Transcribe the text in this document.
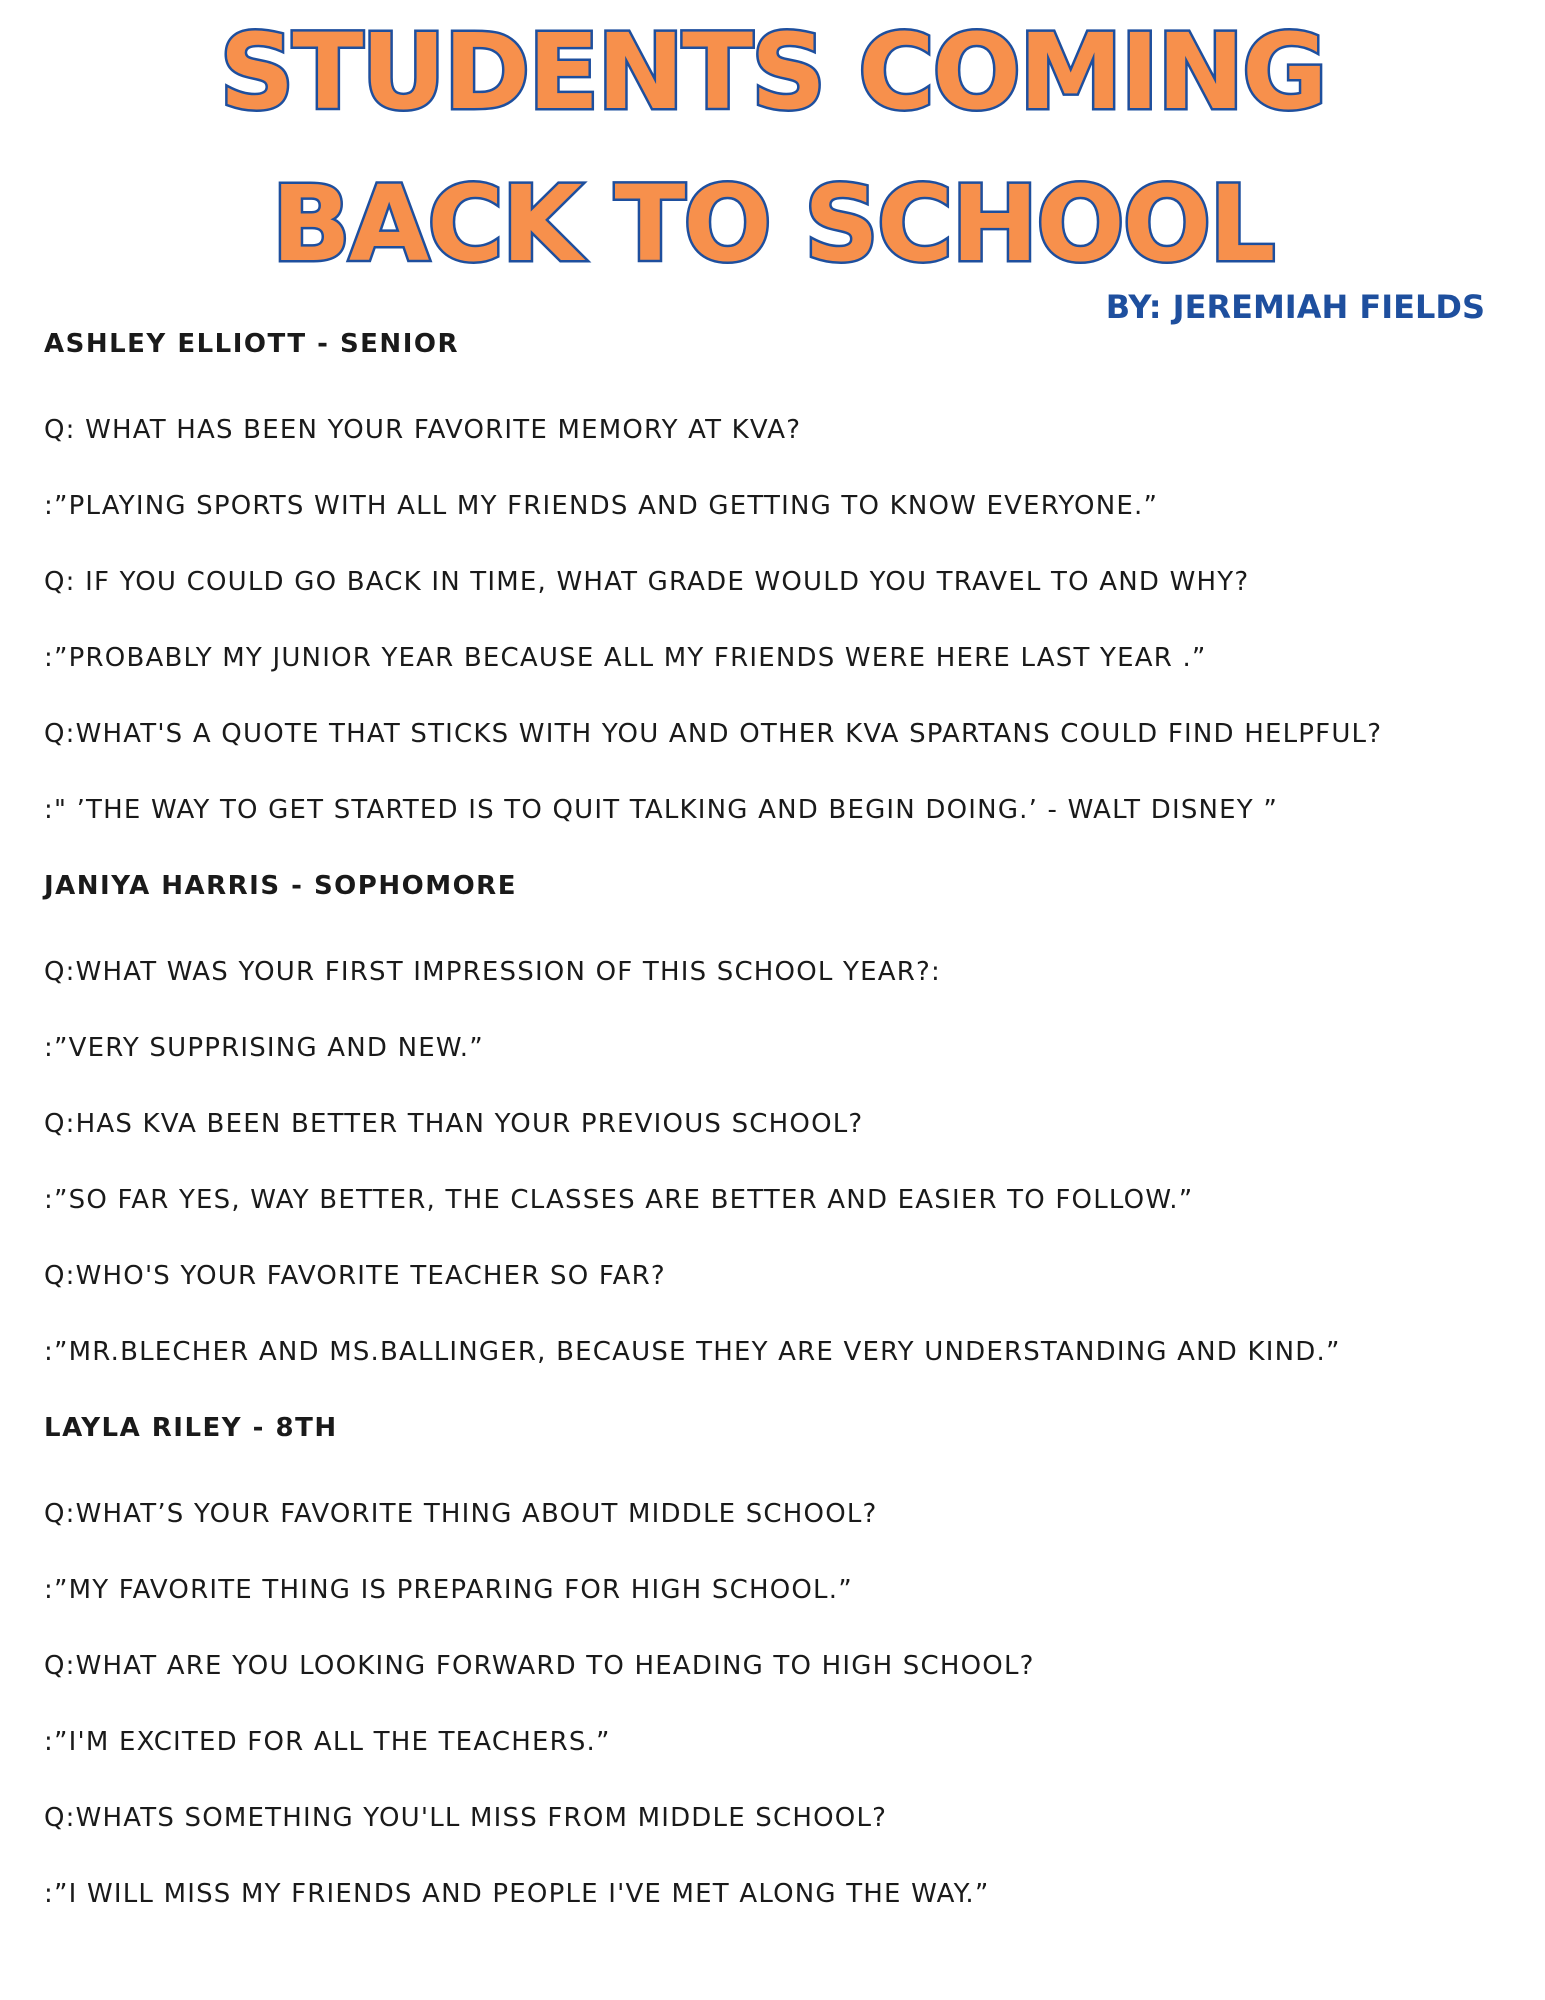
STUDENTS COMING
BACK TO SCHOOL
BY: JEREMIAH FIELDS

ASHLEY ELLIOTT - SENIOR

Q: WHAT HAS BEEN YOUR FAVORITE MEMORY AT KVA?

:”PLAYING SPORTS WITH ALL MY FRIENDS AND GETTING TO KNOW EVERYONE.”

Q: IF YOU COULD GO BACK IN TIME, WHAT GRADE WOULD YOU TRAVEL TO AND WHY?

:”PROBABLY MY JUNIOR YEAR BECAUSE ALL MY FRIENDS WERE HERE LAST YEAR .”

Q:WHAT'S A QUOTE THAT STICKS WITH YOU AND OTHER KVA SPARTANS COULD FIND HELPFUL?

:" ’THE WAY TO GET STARTED IS TO QUIT TALKING AND BEGIN DOING.’ - WALT DISNEY ”

JANIYA HARRIS - SOPHOMORE

Q:WHAT WAS YOUR FIRST IMPRESSION OF THIS SCHOOL YEAR?:

:”VERY SUPPRISING AND NEW.”

Q:HAS KVA BEEN BETTER THAN YOUR PREVIOUS SCHOOL?

:”SO FAR YES, WAY BETTER, THE CLASSES ARE BETTER AND EASIER TO FOLLOW.”

Q:WHO'S YOUR FAVORITE TEACHER SO FAR?

:”MR.BLECHER AND MS.BALLINGER, BECAUSE THEY ARE VERY UNDERSTANDING AND KIND.”

LAYLA RILEY - 8TH

Q:WHAT’S YOUR FAVORITE THING ABOUT MIDDLE SCHOOL?

:”MY FAVORITE THING IS PREPARING FOR HIGH SCHOOL.”

Q:WHAT ARE YOU LOOKING FORWARD TO HEADING TO HIGH SCHOOL?

:”I'M EXCITED FOR ALL THE TEACHERS.”

Q:WHATS SOMETHING YOU'LL MISS FROM MIDDLE SCHOOL?

:”I WILL MISS MY FRIENDS AND PEOPLE I'VE MET ALONG THE WAY.”
